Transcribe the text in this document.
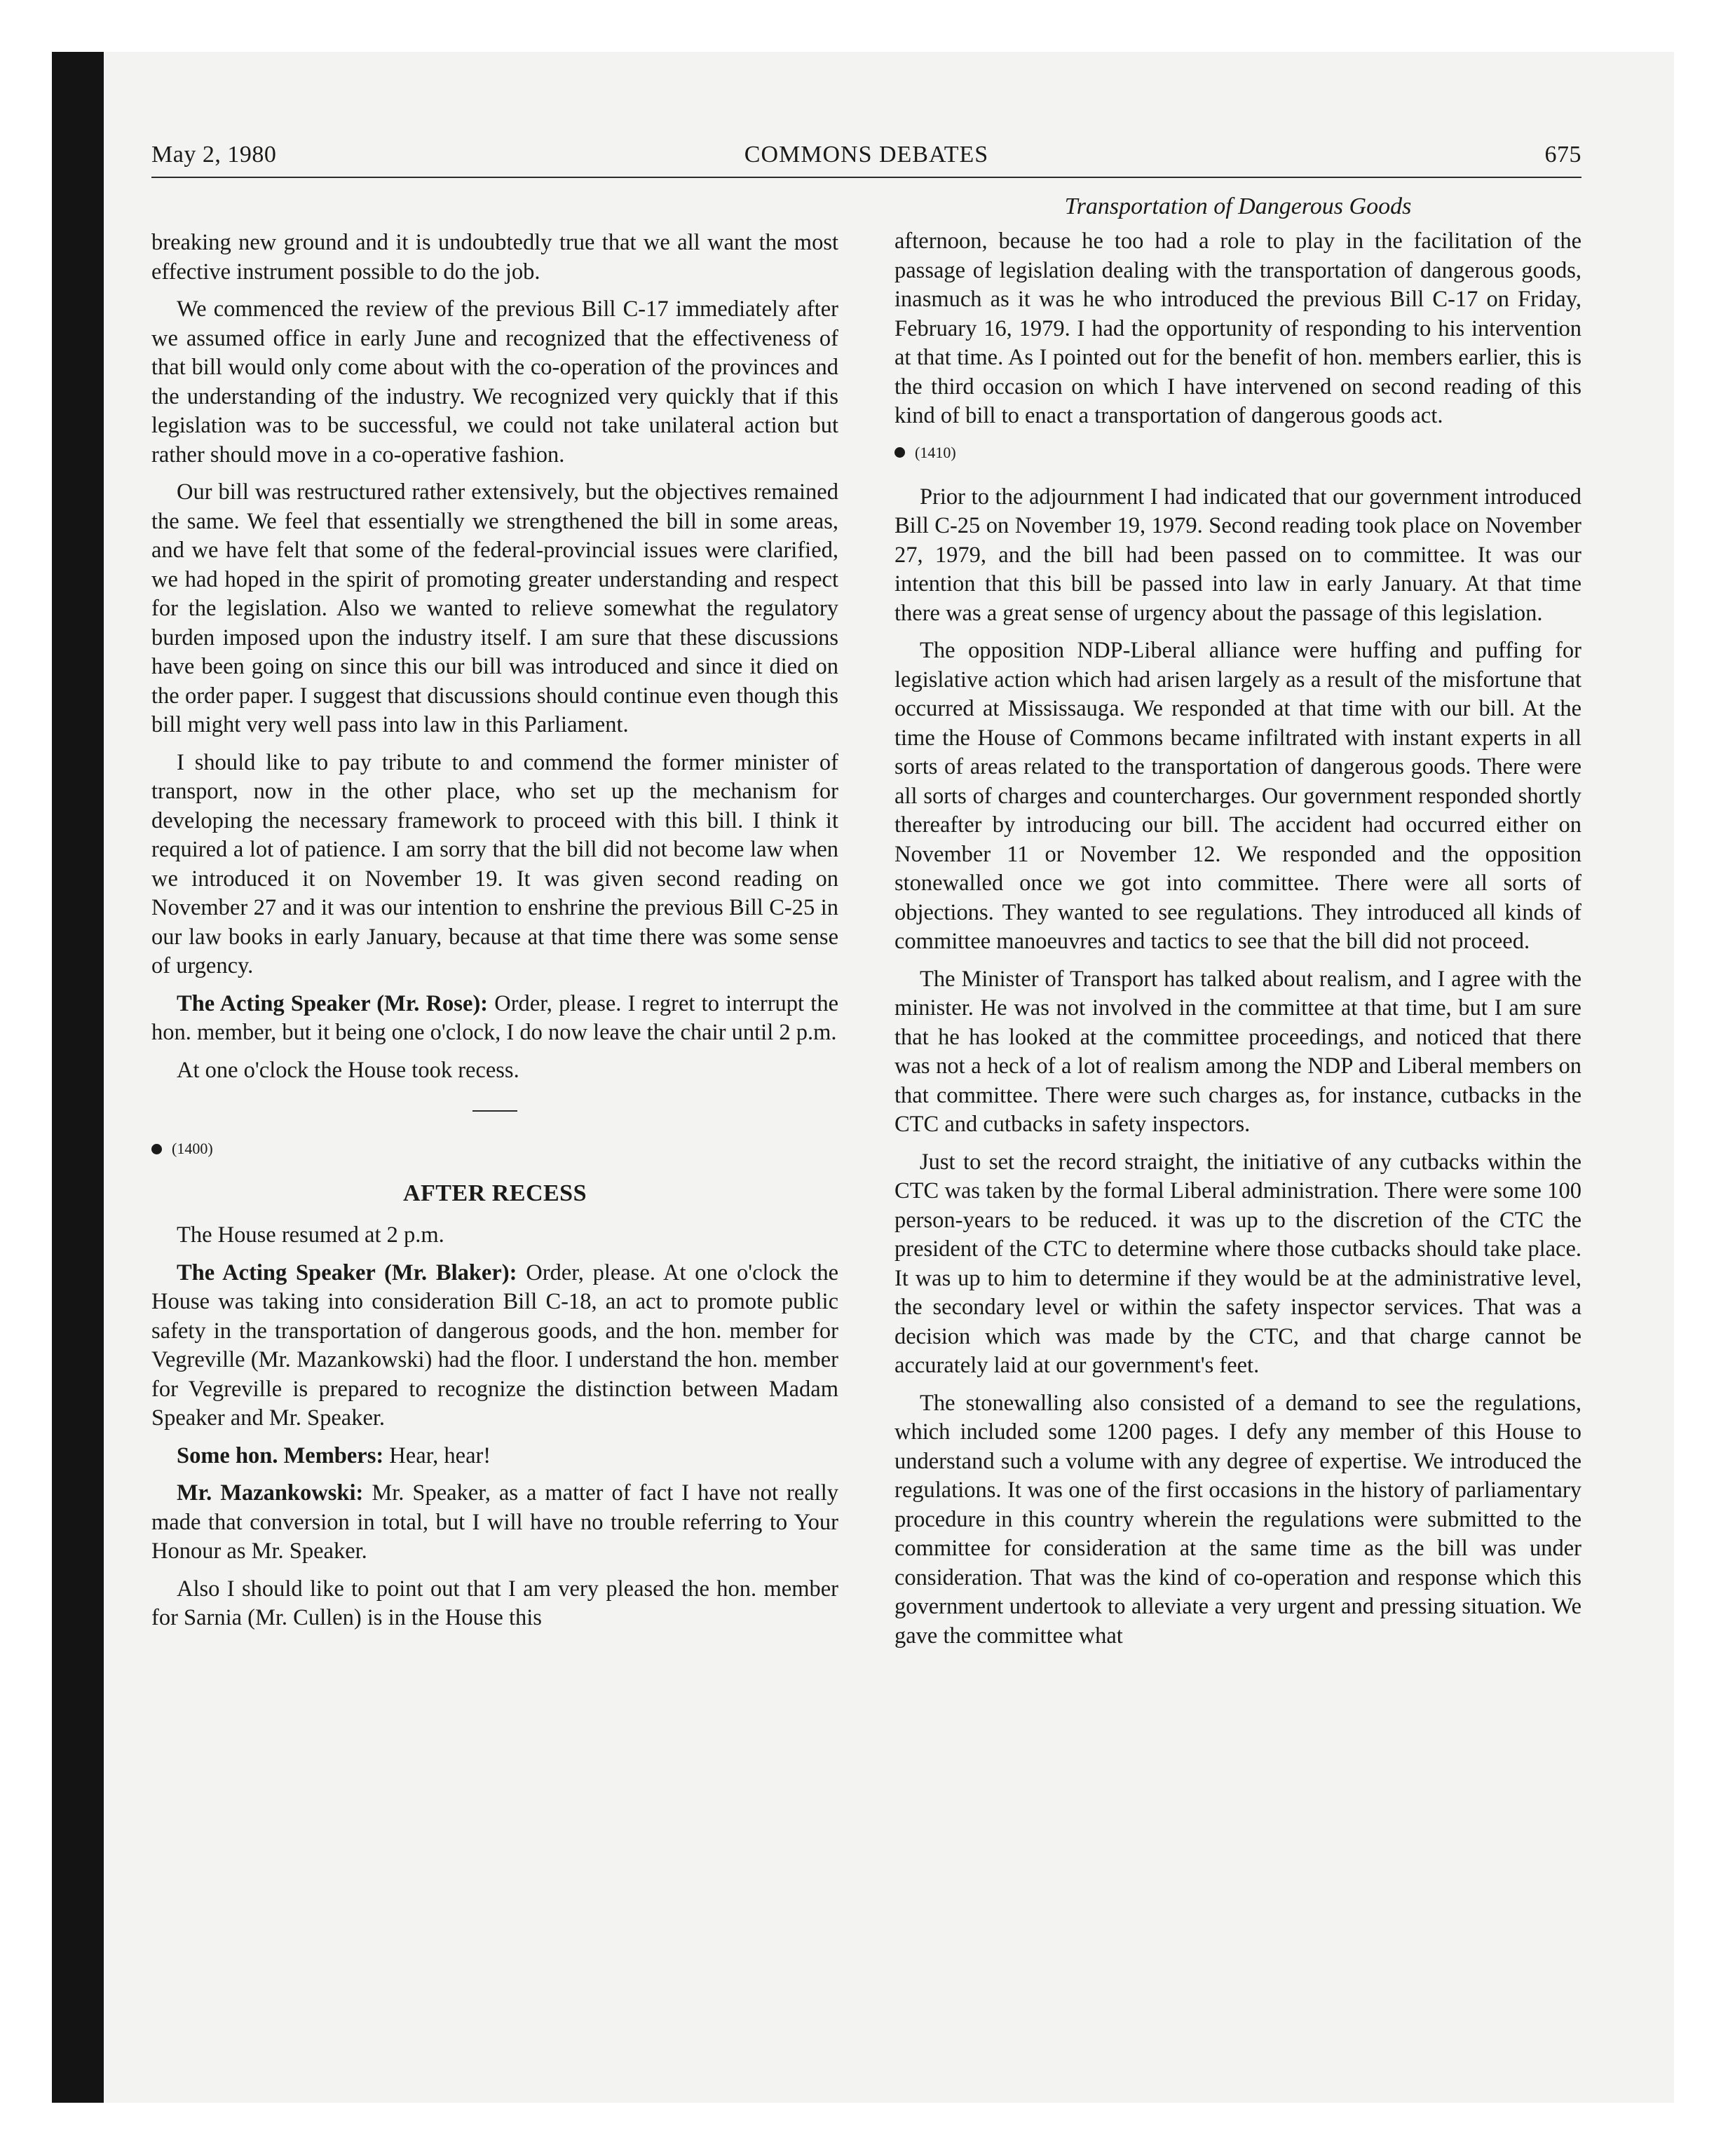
May 2, 1980	COMMONS DEBATES	675

breaking new ground and it is undoubtedly true that we all want the most effective instrument possible to do the job.

We commenced the review of the previous Bill C-17 immediately after we assumed office in early June and recognized that the effectiveness of that bill would only come about with the co-operation of the provinces and the understanding of the industry. We recognized very quickly that if this legislation was to be successful, we could not take unilateral action but rather should move in a co-operative fashion.

Our bill was restructured rather extensively, but the objectives remained the same. We feel that essentially we strengthened the bill in some areas, and we have felt that some of the federal-provincial issues were clarified, we had hoped in the spirit of promoting greater understanding and respect for the legislation. Also we wanted to relieve somewhat the regulatory burden imposed upon the industry itself. I am sure that these discussions have been going on since this our bill was introduced and since it died on the order paper. I suggest that discussions should continue even though this bill might very well pass into law in this Parliament.

I should like to pay tribute to and commend the former minister of transport, now in the other place, who set up the mechanism for developing the necessary framework to proceed with this bill. I think it required a lot of patience. I am sorry that the bill did not become law when we introduced it on November 19. It was given second reading on November 27 and it was our intention to enshrine the previous Bill C-25 in our law books in early January, because at that time there was some sense of urgency.

The Acting Speaker (Mr. Rose): Order, please. I regret to interrupt the hon. member, but it being one o'clock, I do now leave the chair until 2 p.m.

At one o'clock the House took recess.

(1400)
AFTER RECESS

The House resumed at 2 p.m.

The Acting Speaker (Mr. Blaker): Order, please. At one o'clock the House was taking into consideration Bill C-18, an act to promote public safety in the transportation of dangerous goods, and the hon. member for Vegreville (Mr. Mazankowski) had the floor. I understand the hon. member for Vegreville is prepared to recognize the distinction between Madam Speaker and Mr. Speaker.

Some hon. Members: Hear, hear!

Mr. Mazankowski: Mr. Speaker, as a matter of fact I have not really made that conversion in total, but I will have no trouble referring to Your Honour as Mr. Speaker.

Also I should like to point out that I am very pleased the hon. member for Sarnia (Mr. Cullen) is in the House this

Transportation of Dangerous Goods

afternoon, because he too had a role to play in the facilitation of the passage of legislation dealing with the transportation of dangerous goods, inasmuch as it was he who introduced the previous Bill C-17 on Friday, February 16, 1979. I had the opportunity of responding to his intervention at that time. As I pointed out for the benefit of hon. members earlier, this is the third occasion on which I have intervened on second reading of this kind of bill to enact a transportation of dangerous goods act.

(1410)

Prior to the adjournment I had indicated that our government introduced Bill C-25 on November 19, 1979. Second reading took place on November 27, 1979, and the bill had been passed on to committee. It was our intention that this bill be passed into law in early January. At that time there was a great sense of urgency about the passage of this legislation.

The opposition NDP-Liberal alliance were huffing and puffing for legislative action which had arisen largely as a result of the misfortune that occurred at Mississauga. We responded at that time with our bill. At the time the House of Commons became infiltrated with instant experts in all sorts of areas related to the transportation of dangerous goods. There were all sorts of charges and countercharges. Our government responded shortly thereafter by introducing our bill. The accident had occurred either on November 11 or November 12. We responded and the opposition stonewalled once we got into committee. There were all sorts of objections. They wanted to see regulations. They introduced all kinds of committee manoeuvres and tactics to see that the bill did not proceed.

The Minister of Transport has talked about realism, and I agree with the minister. He was not involved in the committee at that time, but I am sure that he has looked at the committee proceedings, and noticed that there was not a heck of a lot of realism among the NDP and Liberal members on that committee. There were such charges as, for instance, cutbacks in the CTC and cutbacks in safety inspectors.

Just to set the record straight, the initiative of any cutbacks within the CTC was taken by the formal Liberal administration. There were some 100 person-years to be reduced. it was up to the discretion of the CTC the president of the CTC to determine where those cutbacks should take place. It was up to him to determine if they would be at the administrative level, the secondary level or within the safety inspector services. That was a decision which was made by the CTC, and that charge cannot be accurately laid at our government's feet.

The stonewalling also consisted of a demand to see the regulations, which included some 1200 pages. I defy any member of this House to understand such a volume with any degree of expertise. We introduced the regulations. It was one of the first occasions in the history of parliamentary procedure in this country wherein the regulations were submitted to the committee for consideration at the same time as the bill was under consideration. That was the kind of co-operation and response which this government undertook to alleviate a very urgent and pressing situation. We gave the committee what
